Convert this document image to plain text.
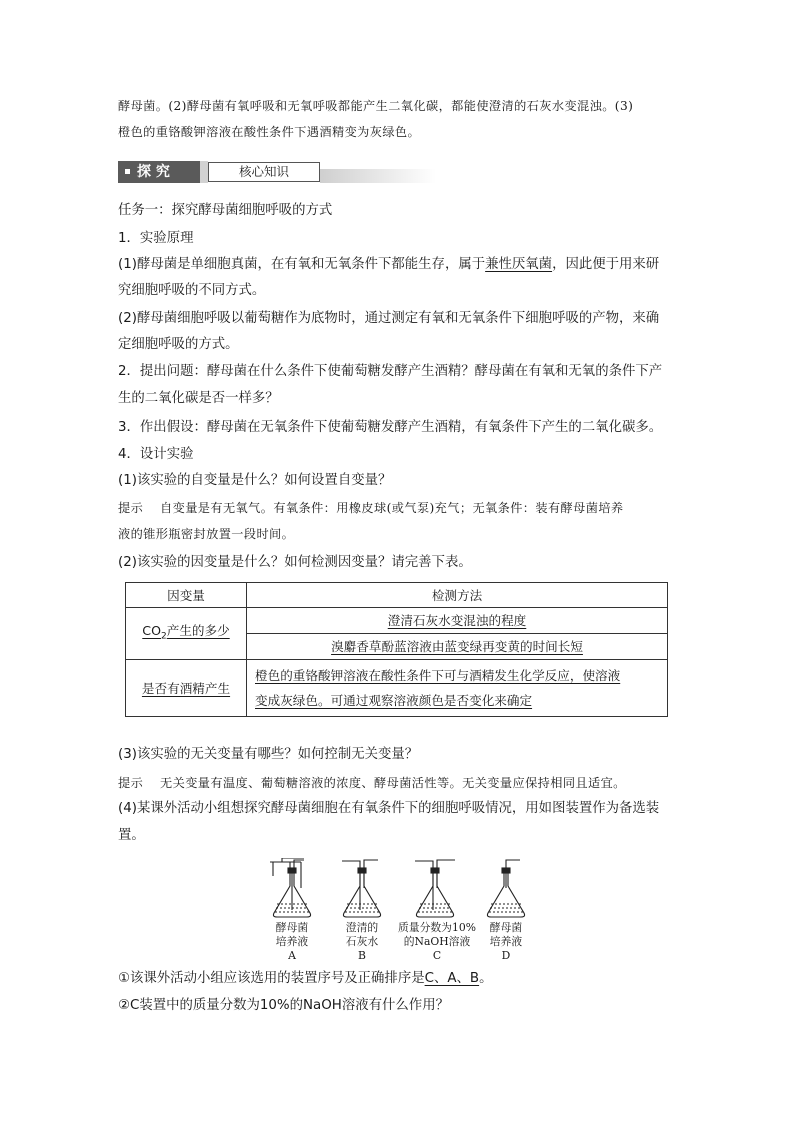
酵母菌。(2)酵母菌有氧呼吸和无氧呼吸都能产生二氧化碳，都能使澄清的石灰水变混浊。(3)
橙色的重铬酸钾溶液在酸性条件下遇酒精变为灰绿色。
探 究	核心知识
任务一：探究酵母菌细胞呼吸的方式
1．实验原理
(1)酵母菌是单细胞真菌，在有氧和无氧条件下都能生存，属于兼性厌氧菌，因此便于用来研
究细胞呼吸的不同方式。
(2)酵母菌细胞呼吸以葡萄糖作为底物时，通过测定有氧和无氧条件下细胞呼吸的产物，来确
定细胞呼吸的方式。
2．提出问题：酵母菌在什么条件下使葡萄糖发酵产生酒精？酵母菌在有氧和无氧的条件下产
生的二氧化碳是否一样多？
3．作出假设：酵母菌在无氧条件下使葡萄糖发酵产生酒精，有氧条件下产生的二氧化碳多。
4．设计实验
(1)该实验的自变量是什么？如何设置自变量？
提示　 自变量是有无氧气。有氧条件：用橡皮球(或气泵)充气；无氧条件：装有酵母菌培养
液的锥形瓶密封放置一段时间。
(2)该实验的因变量是什么？如何检测因变量？请完善下表。
因变量	检测方法
$CO_2$产生的多少	澄清石灰水变混浊的程度
	溴麝香草酚蓝溶液由蓝变绿再变黄的时间长短
是否有酒精产生	橙色的重铬酸钾溶液在酸性条件下可与酒精发生化学反应，使溶液
变成灰绿色。可通过观察溶液颜色是否变化来确定
(3)该实验的无关变量有哪些？如何控制无关变量？
提示　 无关变量有温度、葡萄糖溶液的浓度、酵母菌活性等。无关变量应保持相同且适宜。
(4)某课外活动小组想探究酵母菌细胞在有氧条件下的细胞呼吸情况，用如图装置作为备选装
置。
酵母菌
培养液
A
澄清的
石灰水
B
质量分数为10%
的NaOH溶液
C
酵母菌
培养液
D
①该课外活动小组应该选用的装置序号及正确排序是C、A、B。
②C装置中的质量分数为10%的NaOH溶液有什么作用？
